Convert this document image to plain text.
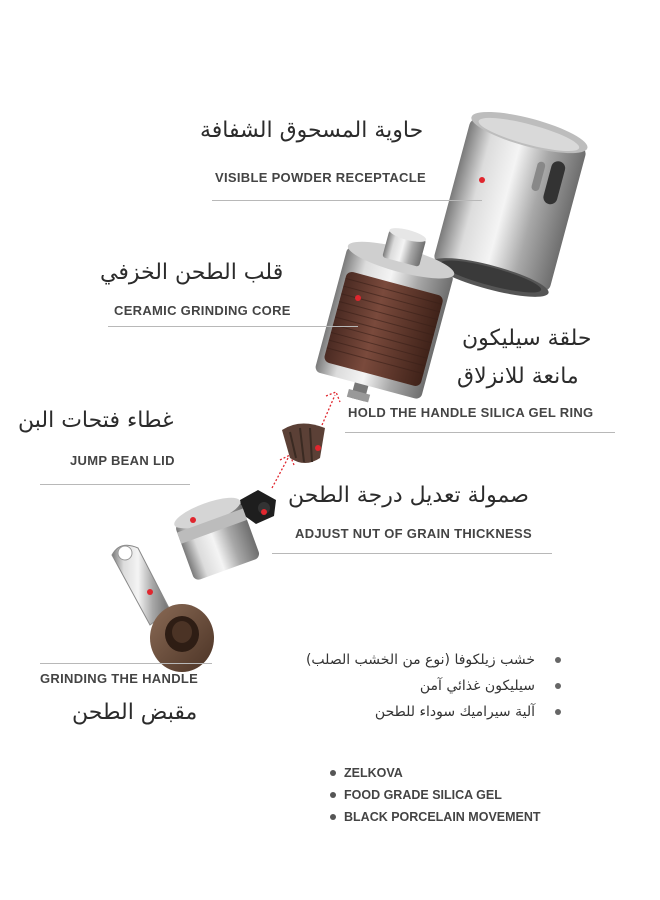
حاوية المسحوق الشفافة
VISIBLE POWDER RECEPTACLE
قلب الطحن الخزفي
CERAMIC GRINDING CORE
حلقة سيليكون
مانعة للانزلاق
HOLD THE HANDLE SILICA GEL RING
غطاء فتحات البن
JUMP BEAN LID
صمولة تعديل درجة الطحن
ADJUST NUT OF GRAIN THICKNESS
GRINDING THE HANDLE
مقبض الطحن
خشب زيلكوفا (نوع من الخشب الصلب)
سيليكون غذائي آمن
آلية سيراميك سوداء للطحن
ZELKOVA
FOOD GRADE SILICA GEL
BLACK PORCELAIN MOVEMENT
